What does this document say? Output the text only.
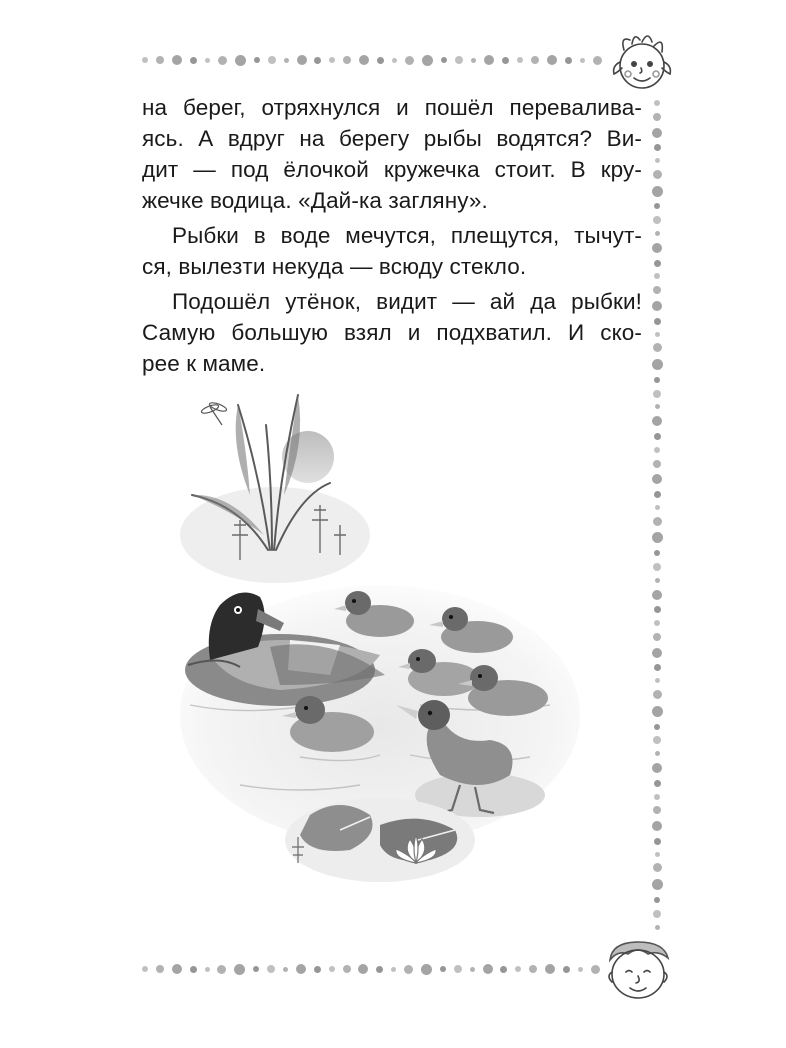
на берег, отряхнулся и пошёл перевалива-
ясь. А вдруг на берегу рыбы водятся? Ви-
дит — под ёлочкой кружечка стоит. В кру-
жечке водица. «Дай-ка загляну».

Рыбки в воде мечутся, плещутся, тычут-
ся, вылезти некуда — всюду стекло.

Подошёл утёнок, видит — ай да рыбки!
Самую большую взял и подхватил. И ско-
рее к маме.
